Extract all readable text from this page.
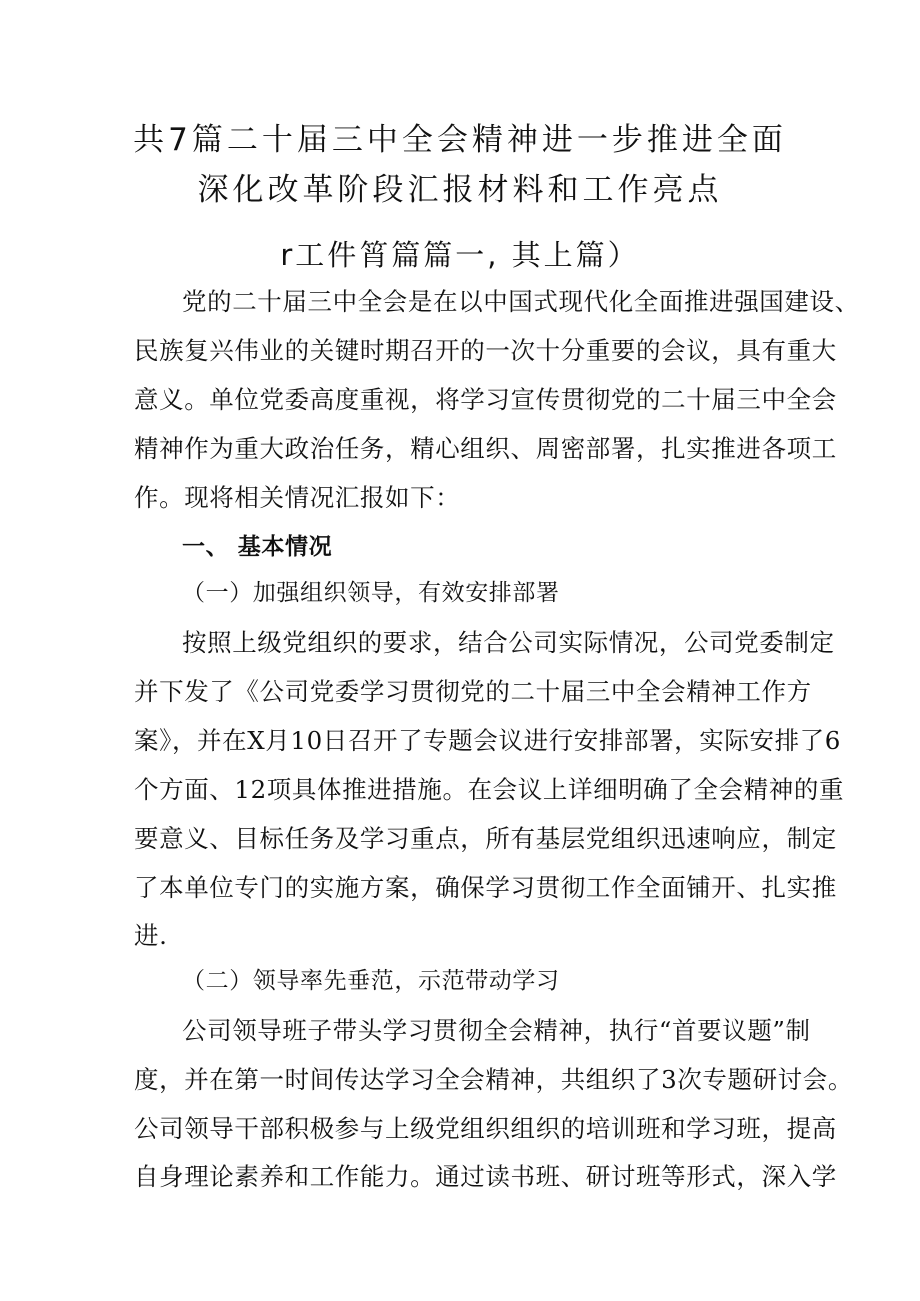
共7篇二十届三中全会精神进一步推进全面
深化改革阶段汇报材料和工作亮点
r工件筲篇篇一, 其上篇）
党的二十届三中全会是在以中国式现代化全面推进强国建设、
民族复兴伟业的关键时期召开的一次十分重要的会议，具有重大
意义。单位党委高度重视，将学习宣传贯彻党的二十届三中全会
精神作为重大政治任务，精心组织、周密部署，扎实推进各项工
作。现将相关情况汇报如下：
一、 基本情况
（一）加强组织领导，有效安排部署
按照上级党组织的要求，结合公司实际情况，公司党委制定
并下发了《公司党委学习贯彻党的二十届三中全会精神工作方
案》，并在X月10日召开了专题会议进行安排部署，实际安排了6
个方面、12项具体推进措施。在会议上详细明确了全会精神的重
要意义、目标任务及学习重点，所有基层党组织迅速响应，制定
了本单位专门的实施方案，确保学习贯彻工作全面铺开、扎实推
进.
（二）领导率先垂范，示范带动学习
公司领导班子带头学习贯彻全会精神，执行“首要议题”制
度，并在第一时间传达学习全会精神，共组织了3次专题研讨会。
公司领导干部积极参与上级党组织组织的培训班和学习班，提高
自身理论素养和工作能力。通过读书班、研讨班等形式，深入学
